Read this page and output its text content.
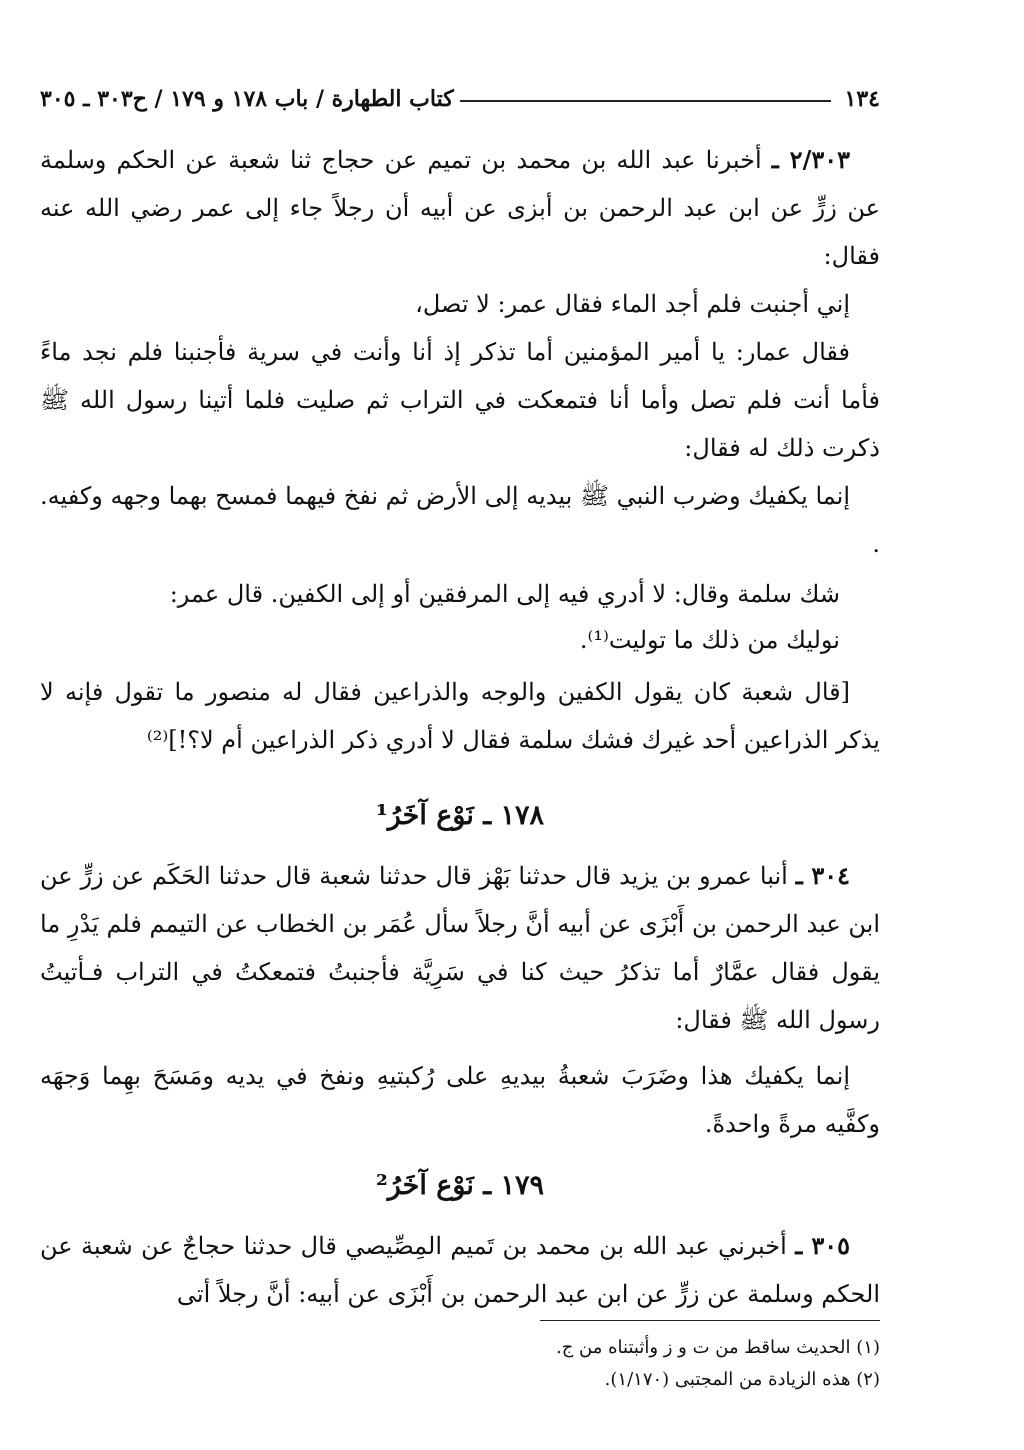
١٣٤
كتاب الطهارة / باب ١٧٨ و ١٧٩ / ح٣٠٣ ـ ٣٠٥

٢/٣٠٣ ـ أخبرنا عبد الله بن محمد بن تميم عن حجاج ثنا شعبة عن الحكم وسلمة عن زرٍّ عن ابن عبد الرحمن بن أبزى عن أبيه أن رجلاً جاء إلى عمر رضي الله عنه فقال:

إني أجنبت فلم أجد الماء فقال عمر: لا تصل،

فقال عمار: يا أمير المؤمنين أما تذكر إذ أنا وأنت في سرية فأجنبنا فلم نجد ماءً فأما أنت فلم تصل وأما أنا فتمعكت في التراب ثم صليت فلما أتينا رسول الله ﷺ ذكرت ذلك له فقال:

إنما يكفيك وضرب النبي ﷺ بيديه إلى الأرض ثم نفخ فيهما فمسح بهما وجهه وكفيه. .

شك سلمة وقال: لا أدري فيه إلى المرفقين أو إلى الكفين. قال عمر:

نوليك من ذلك ما توليت⁽¹⁾.

[قال شعبة كان يقول الكفين والوجه والذراعين فقال له منصور ما تقول فإنه لا يذكر الذراعين أحد غيرك فشك سلمة فقال لا أدري ذكر الذراعين أم لا؟!]⁽²⁾

١٧٨ ـ نَوْع آخَرُ¹

٣٠٤ ـ أنبا عمرو بن يزيد قال حدثنا بَهْز قال حدثنا شعبة قال حدثنا الحَكَم عن زرٍّ عن ابن عبد الرحمن بن أَبْزَى عن أبيه أنَّ رجلاً سأل عُمَر بن الخطاب عن التيمم فلم يَدْرِ ما يقول فقال عمَّارٌ أما تذكرُ حيث كنا في سَرِيَّة فأجنبتُ فتمعكتُ في التراب فـأتيتُ رسول الله ﷺ فقال:

إنما يكفيك هذا وضَرَبَ شعبةُ بيديهِ على رُكبتيهِ ونفخ في يديه ومَسَحَ بهِما وَجهَه وكفَّيه مرةً واحدةً.

١٧٩ ـ نَوْع آخَرُ²

٣٠٥ ـ أخبرني عبد الله بن محمد بن تَميم المِصِّيصي قال حدثنا حجاجٌ عن شعبة عن الحكم وسلمة عن زرٍّ عن ابن عبد الرحمن بن أَبْزَى عن أبيه: أنَّ رجلاً أتى

(١) الحديث ساقط من ت و ز وأثبتناه من ج.
(٢) هذه الزيادة من المجتبى (١/١٧٠).
